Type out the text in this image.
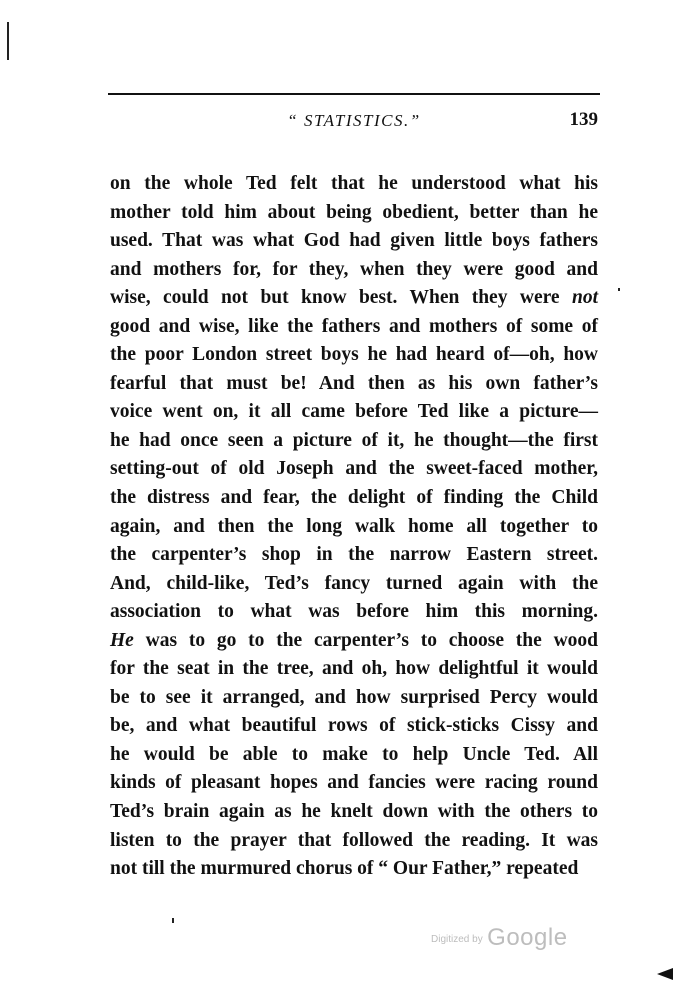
“ STATISTICS.”	139
on the whole Ted felt that he understood what his
mother told him about being obedient, better than he
used. That was what God had given little boys fathers
and mothers for, for they, when they were good and
wise, could not but know best. When they were not
good and wise, like the fathers and mothers of some of
the poor London street boys he had heard of—oh, how
fearful that must be! And then as his own father’s
voice went on, it all came before Ted like a picture—
he had once seen a picture of it, he thought—the first
setting-out of old Joseph and the sweet-faced mother,
the distress and fear, the delight of finding the Child
again, and then the long walk home all together to
the carpenter’s shop in the narrow Eastern street.
And, child-like, Ted’s fancy turned again with the
association to what was before him this morning.
He was to go to the carpenter’s to choose the wood
for the seat in the tree, and oh, how delightful it would
be to see it arranged, and how surprised Percy would
be, and what beautiful rows of stick-sticks Cissy and
he would be able to make to help Uncle Ted. All
kinds of pleasant hopes and fancies were racing round
Ted’s brain again as he knelt down with the others to
listen to the prayer that followed the reading. It was
not till the murmured chorus of “ Our Father,” repeated
Digitized by Google
